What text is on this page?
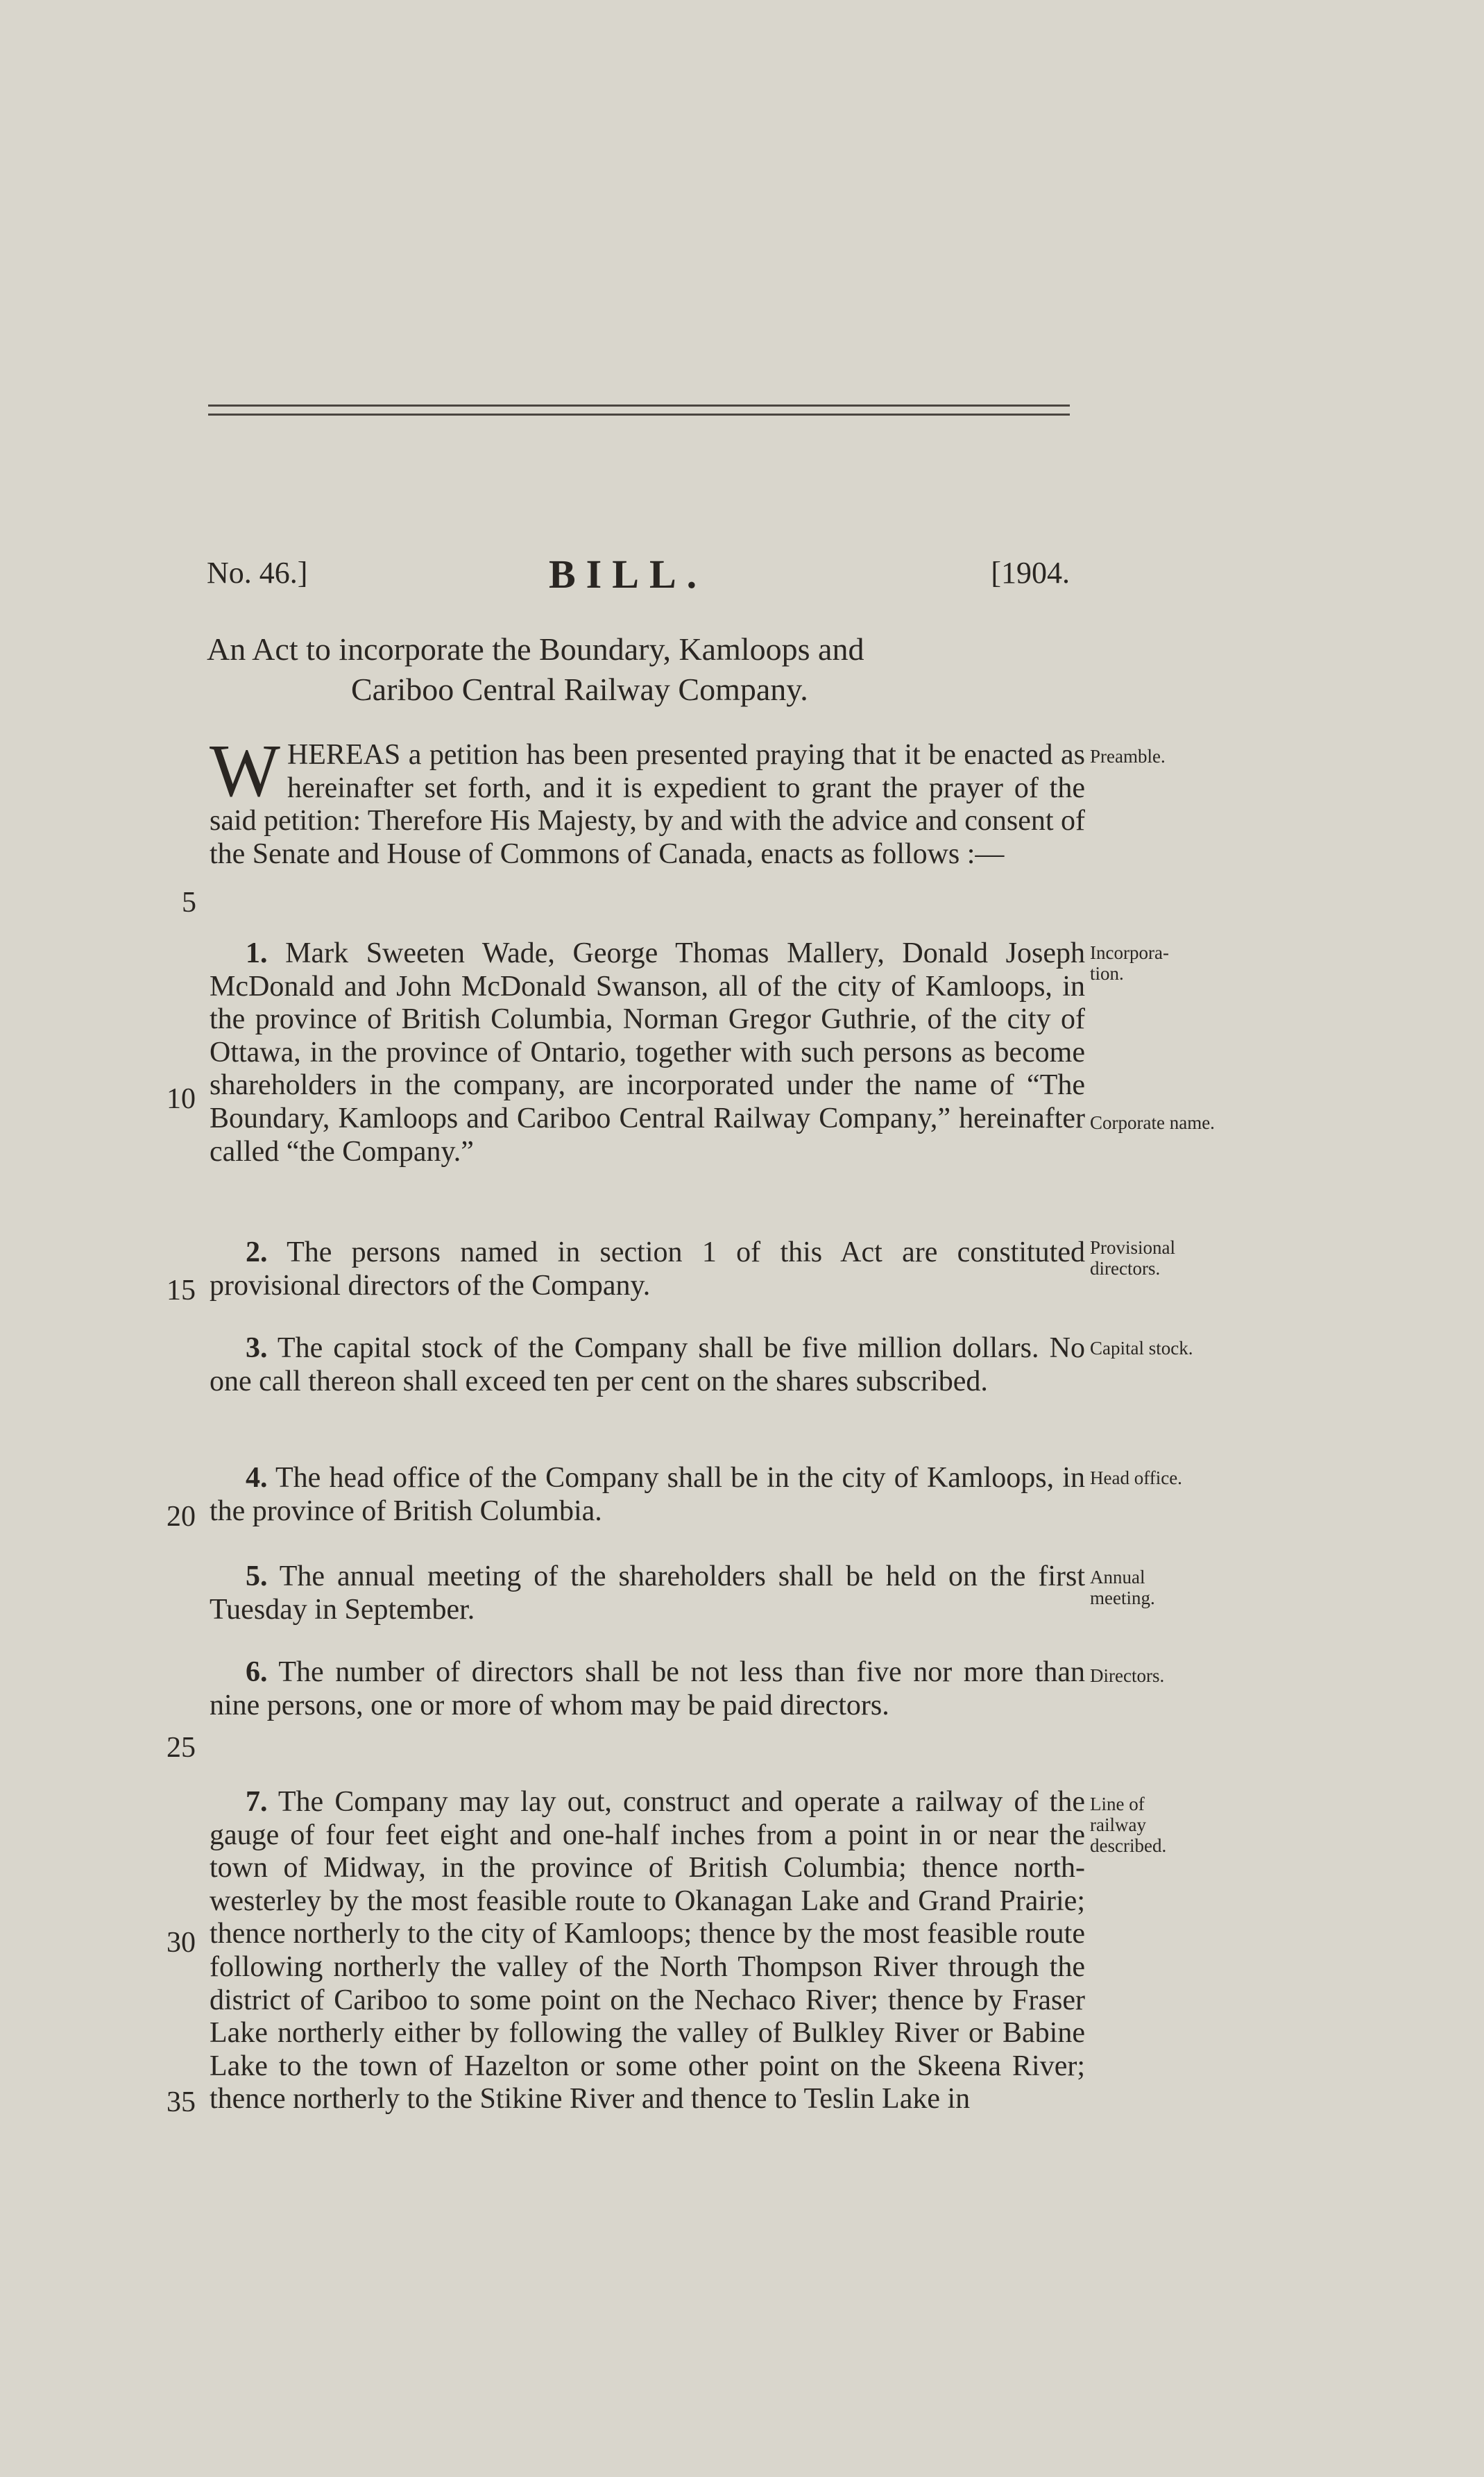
No. 46.]	BILL.	[1904.
An Act to incorporate the Boundary, Kamloops and
Cariboo Central Railway Company.
WHEREAS a petition has been presented praying that it be enacted as hereinafter set forth, and it is expedient to grant the prayer of the said petition: Therefore His Majesty, by and with the advice and consent of the Senate and House of Commons of Canada, enacts as follows :—
Preamble.
1. Mark Sweeten Wade, George Thomas Mallery, Donald Joseph McDonald and John McDonald Swanson, all of the city of Kamloops, in the province of British Columbia, Norman Gregor Guthrie, of the city of Ottawa, in the province of Ontario, together with such persons as become shareholders in the company, are incorporated under the name of “The Boundary, Kamloops and Cariboo Central Railway Company,” hereinafter called “the Company.”
Incorpora-tion.
Corporate name.
2. The persons named in section 1 of this Act are constituted provisional directors of the Company.
Provisional directors.
3. The capital stock of the Company shall be five million dollars. No one call thereon shall exceed ten per cent on the shares subscribed.
Capital stock.
4. The head office of the Company shall be in the city of Kamloops, in the province of British Columbia.
Head office.
5. The annual meeting of the shareholders shall be held on the first Tuesday in September.
Annual meeting.
6. The number of directors shall be not less than five nor more than nine persons, one or more of whom may be paid directors.
Directors.
7. The Company may lay out, construct and operate a railway of the gauge of four feet eight and one-half inches from a point in or near the town of Midway, in the province of British Columbia; thence north-westerley by the most feasible route to Okanagan Lake and Grand Prairie; thence northerly to the city of Kamloops; thence by the most feasible route following northerly the valley of the North Thompson River through the district of Cariboo to some point on the Nechaco River; thence by Fraser Lake northerly either by following the valley of Bulkley River or Babine Lake to the town of Hazelton or some other point on the Skeena River; thence northerly to the Stikine River and thence to Teslin Lake in
Line of railway described.
5
10
15
20
25
30
35
